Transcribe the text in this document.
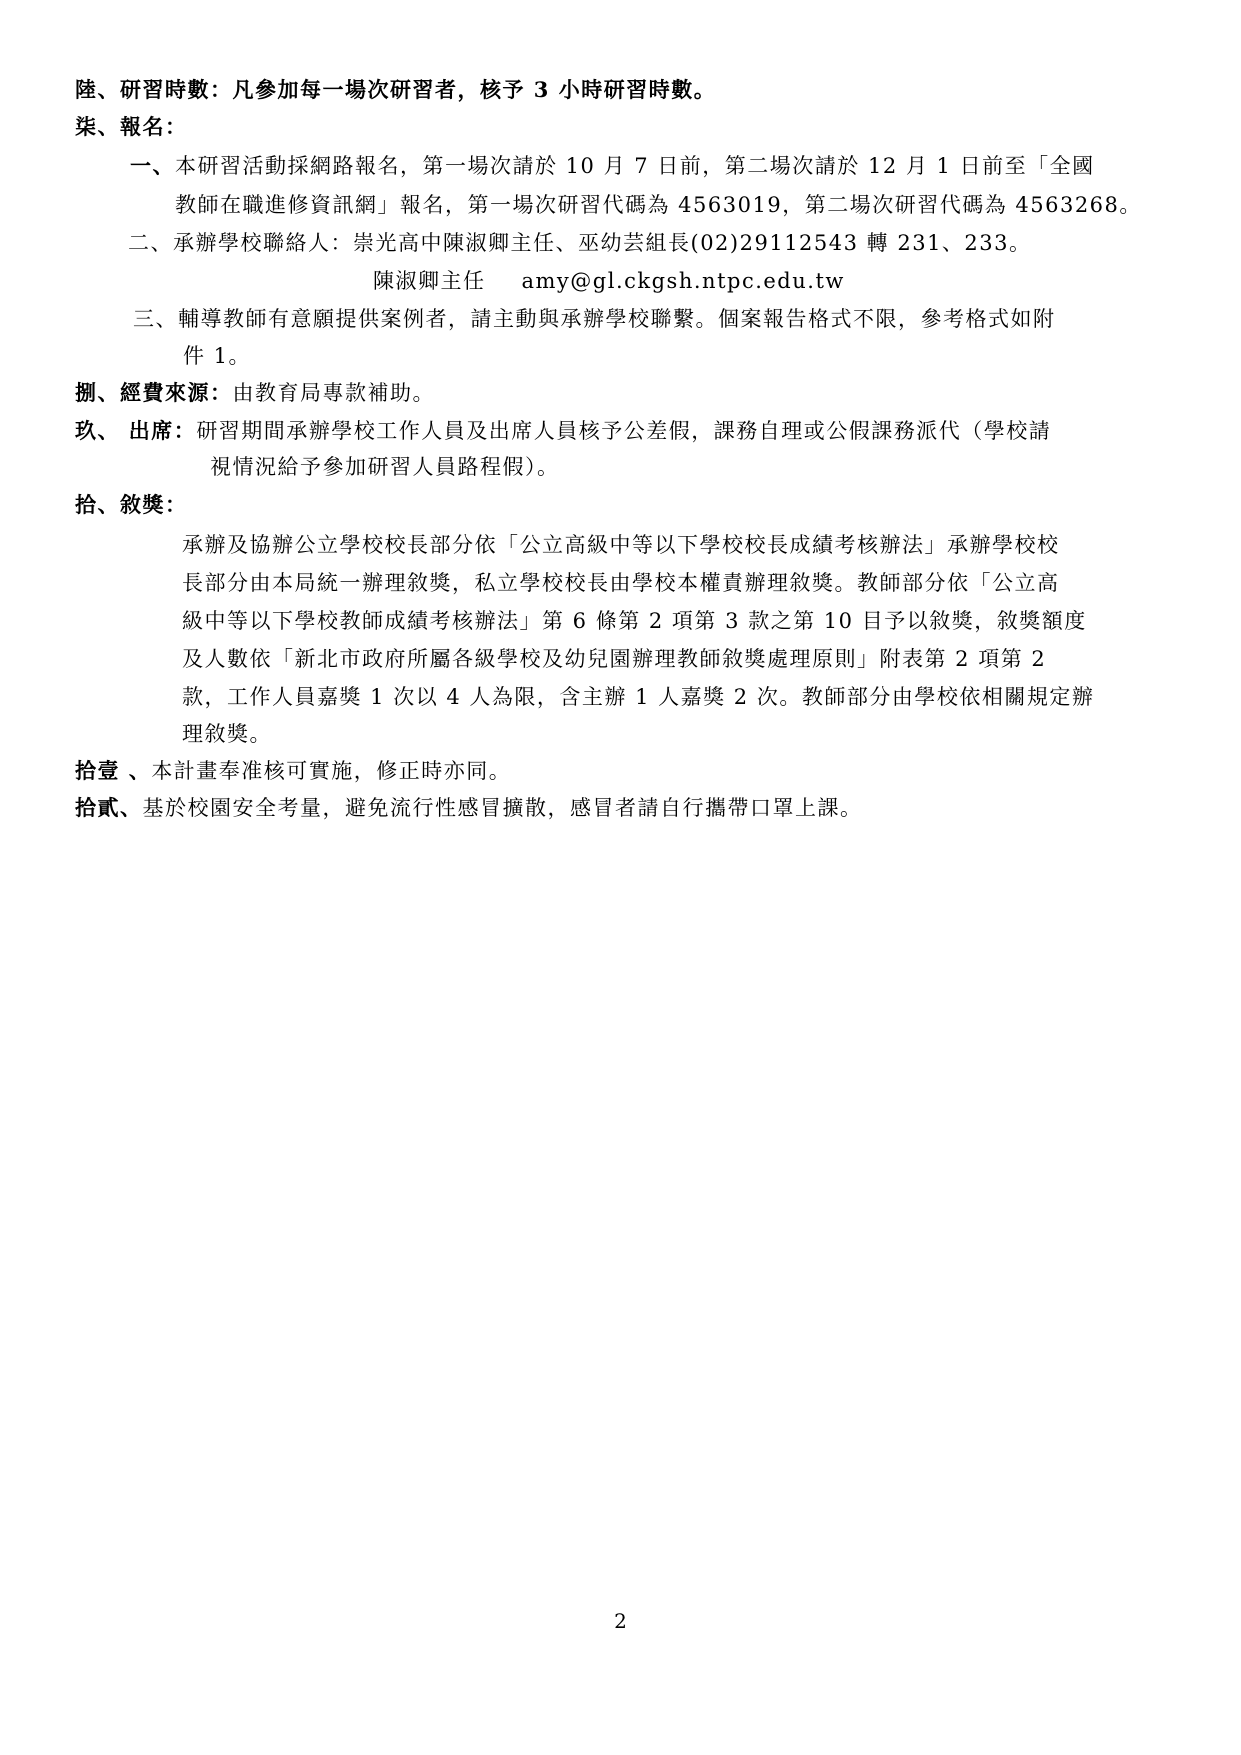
陸、研習時數：凡參加每一場次研習者，核予 3 小時研習時數。
柒、報名：
一、本研習活動採網路報名，第一場次請於 10 月 7 日前，第二場次請於 12 月 1 日前至「全國
教師在職進修資訊網」報名，第一場次研習代碼為 4563019，第二場次研習代碼為 4563268。
二、承辦學校聯絡人：崇光高中陳淑卿主任、巫幼芸組長(02)29112543 轉 231、233。
陳淑卿主任 amy@gl.ckgsh.ntpc.edu.tw
三、輔導教師有意願提供案例者，請主動與承辦學校聯繫。個案報告格式不限，參考格式如附
件 1。
捌、經費來源：由教育局專款補助。
玖、 出席：研習期間承辦學校工作人員及出席人員核予公差假，課務自理或公假課務派代（學校請
視情況給予參加研習人員路程假）。
拾、敘獎：
承辦及協辦公立學校校長部分依「公立高級中等以下學校校長成績考核辦法」承辦學校校
長部分由本局統一辦理敘獎，私立學校校長由學校本權責辦理敘獎。教師部分依「公立高
級中等以下學校教師成績考核辦法」第 6 條第 2 項第 3 款之第 10 目予以敘獎，敘獎額度
及人數依「新北市政府所屬各級學校及幼兒園辦理教師敘獎處理原則」附表第 2 項第 2
款，工作人員嘉獎 1 次以 4 人為限，含主辦 1 人嘉獎 2 次。教師部分由學校依相關規定辦
理敘獎。
拾壹 、本計畫奉准核可實施，修正時亦同。
拾貳、基於校園安全考量，避免流行性感冒擴散，感冒者請自行攜帶口罩上課。
2
